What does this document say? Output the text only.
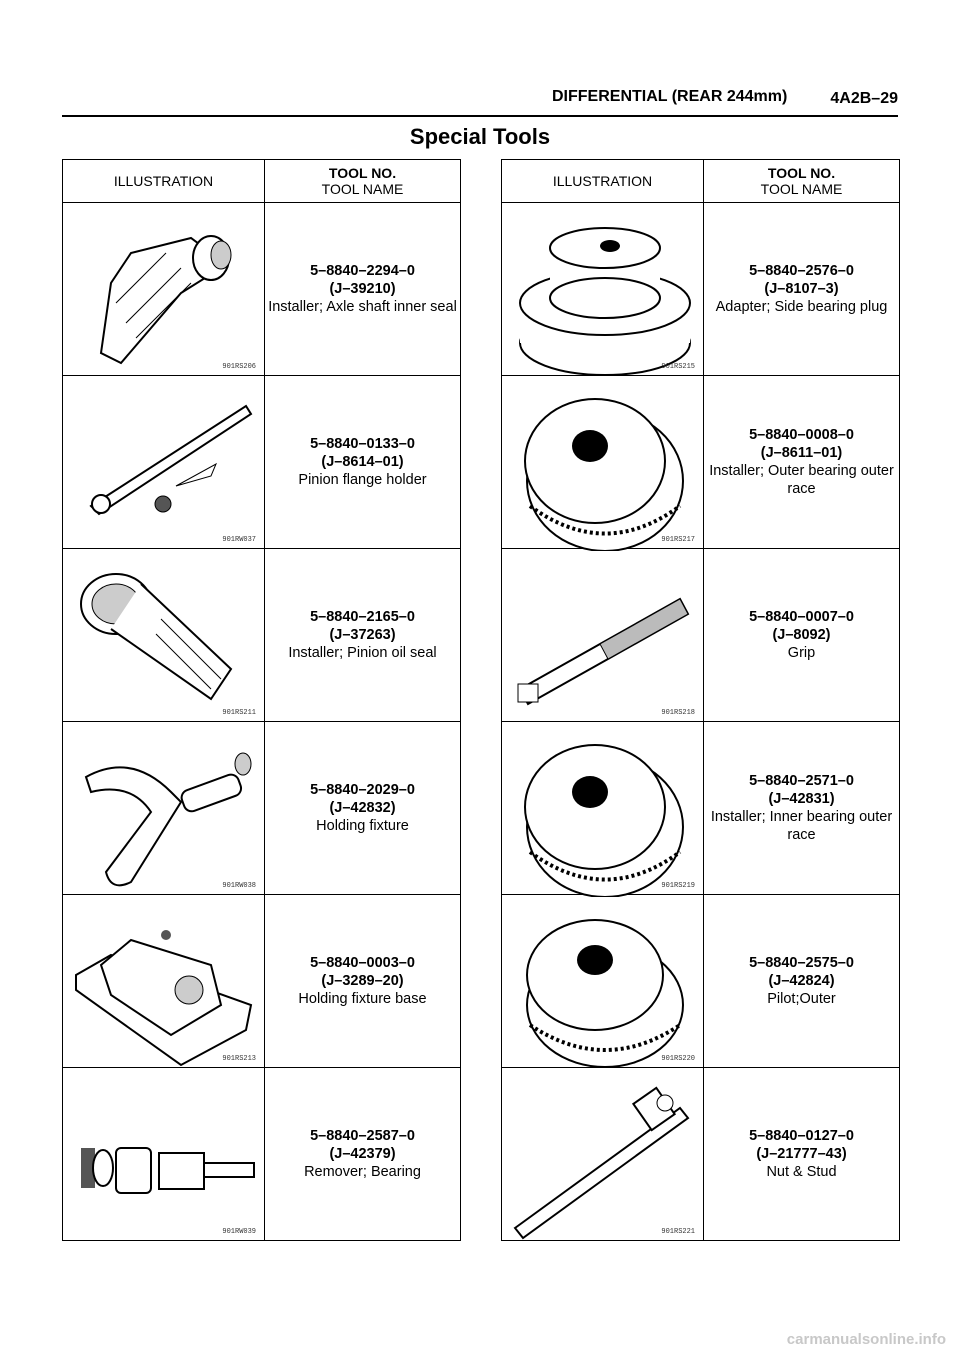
DIFFERENTIAL (REAR 244mm)	4A2B–29
Special Tools
ILLUSTRATION	TOOL NO.
TOOL NAME

901RS206	5–8840–2294–0
(J–39210)
Installer; Axle shaft inner seal

901RW037	5–8840–0133–0
(J–8614–01)
Pinion flange holder

901RS211	5–8840–2165–0
(J–37263)
Installer; Pinion oil seal

901RW038	5–8840–2029–0
(J–42832)
Holding fixture

901RS213	5–8840–0003–0
(J–3289–20)
Holding fixture base

901RW039	5–8840–2587–0
(J–42379)
Remover; Bearing
ILLUSTRATION	TOOL NO.
TOOL NAME

901RS215	5–8840–2576–0
(J–8107–3)
Adapter; Side bearing plug

901RS217	5–8840–0008–0
(J–8611–01)
Installer; Outer bearing outer race

901RS218	5–8840–0007–0
(J–8092)
Grip

901RS219	5–8840–2571–0
(J–42831)
Installer; Inner bearing outer race

901RS220	5–8840–2575–0
(J–42824)
Pilot;Outer

901RS221	5–8840–0127–0
(J–21777–43)
Nut & Stud
carmanualsonline.info
